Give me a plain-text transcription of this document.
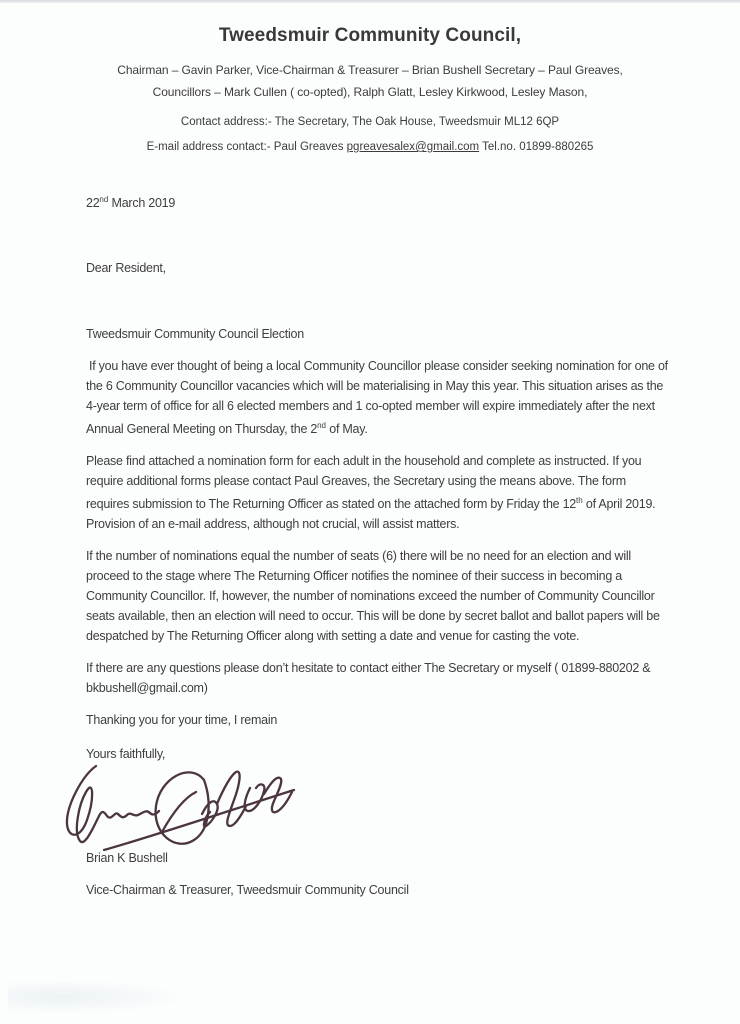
Tweedsmuir Community Council,
Chairman – Gavin Parker, Vice-Chairman & Treasurer – Brian Bushell Secretary – Paul Greaves,
Councillors – Mark Cullen ( co-opted), Ralph Glatt, Lesley Kirkwood, Lesley Mason,
Contact address:- The Secretary, The Oak House, Tweedsmuir ML12 6QP
E-mail address contact:- Paul Greaves pgreavesalex@gmail.com Tel.no. 01899-880265

22nd March 2019

Dear Resident,

Tweedsmuir Community Council Election

If you have ever thought of being a local Community Councillor please consider seeking nomination for one of the 6 Community Councillor vacancies which will be materialising in May this year. This situation arises as the 4-year term of office for all 6 elected members and 1 co-opted member will expire immediately after the next Annual General Meeting on Thursday, the 2nd of May.

Please find attached a nomination form for each adult in the household and complete as instructed. If you require additional forms please contact Paul Greaves, the Secretary using the means above. The form requires submission to The Returning Officer as stated on the attached form by Friday the 12th of April 2019. Provision of an e-mail address, although not crucial, will assist matters.

If the number of nominations equal the number of seats (6) there will be no need for an election and will proceed to the stage where The Returning Officer notifies the nominee of their success in becoming a Community Councillor. If, however, the number of nominations exceed the number of Community Councillor seats available, then an election will need to occur. This will be done by secret ballot and ballot papers will be despatched by The Returning Officer along with setting a date and venue for casting the vote.

If there are any questions please don’t hesitate to contact either The Secretary or myself ( 01899-880202 & bkbushell@gmail.com)

Thanking you for your time, I remain

Yours faithfully,

Brian K Bushell

Vice-Chairman & Treasurer, Tweedsmuir Community Council
